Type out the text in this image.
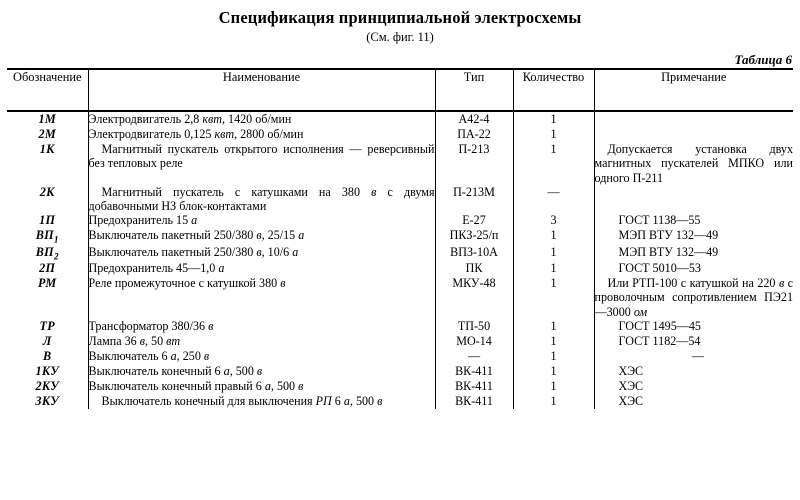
Спецификация принципиальной электросхемы
(См. фиг. 11)
Таблица 6
Обозначение	Наименование	Тип	Количество	Примечание
1M	Электродвигатель 2,8 квт, 1420 об/мин	А42-4	1	
2M	Электродвигатель 0,125 квт, 2800 об/мин	ПА-22	1	
1К	Магнитный пускатель открытого исполнения — реверсивный без тепловых реле	П-213	1	Допускается установка двух магнитных пускателей МПКО или одного П-211
2К	Магнитный пускатель с катушками на 380 в с двумя добавочными НЗ блок-контактами	П-213М	—	
1П	Предохранитель 15 а	Е-27	3	ГОСТ 1138—55
$ВП_1$	Выключатель пакетный 250/380 в, 25/15 а	ПКЗ-25/п	1	МЭП ВТУ 132—49
$ВП_2$	Выключатель пакетный 250/380 в, 10/6 а	ВПЗ-10А	1	МЭП ВТУ 132—49
2П	Предохранитель 45—1,0 а	ПК	1	ГОСТ 5010—53
РМ	Реле промежуточное с катушкой 380 в	МКУ-48	1	Или РТП-100 с катушкой на 220 в с проволочным сопротивлением ПЭ21—3000 ом
ТР	Трансформатор 380/36 в	ТП-50	1	ГОСТ 1495—45
Л	Лампа 36 в, 50 вт	МО-14	1	ГОСТ 1182—54
В	Выключатель 6 а, 250 в	—	1	—
1КУ	Выключатель конечный 6 а, 500 в	ВК-411	1	ХЭС
2КУ	Выключатель конечный правый 6 а, 500 в	ВК-411	1	ХЭС
ЗКУ	Выключатель конечный для выключения РП 6 а, 500 в	ВК-411	1	ХЭС
